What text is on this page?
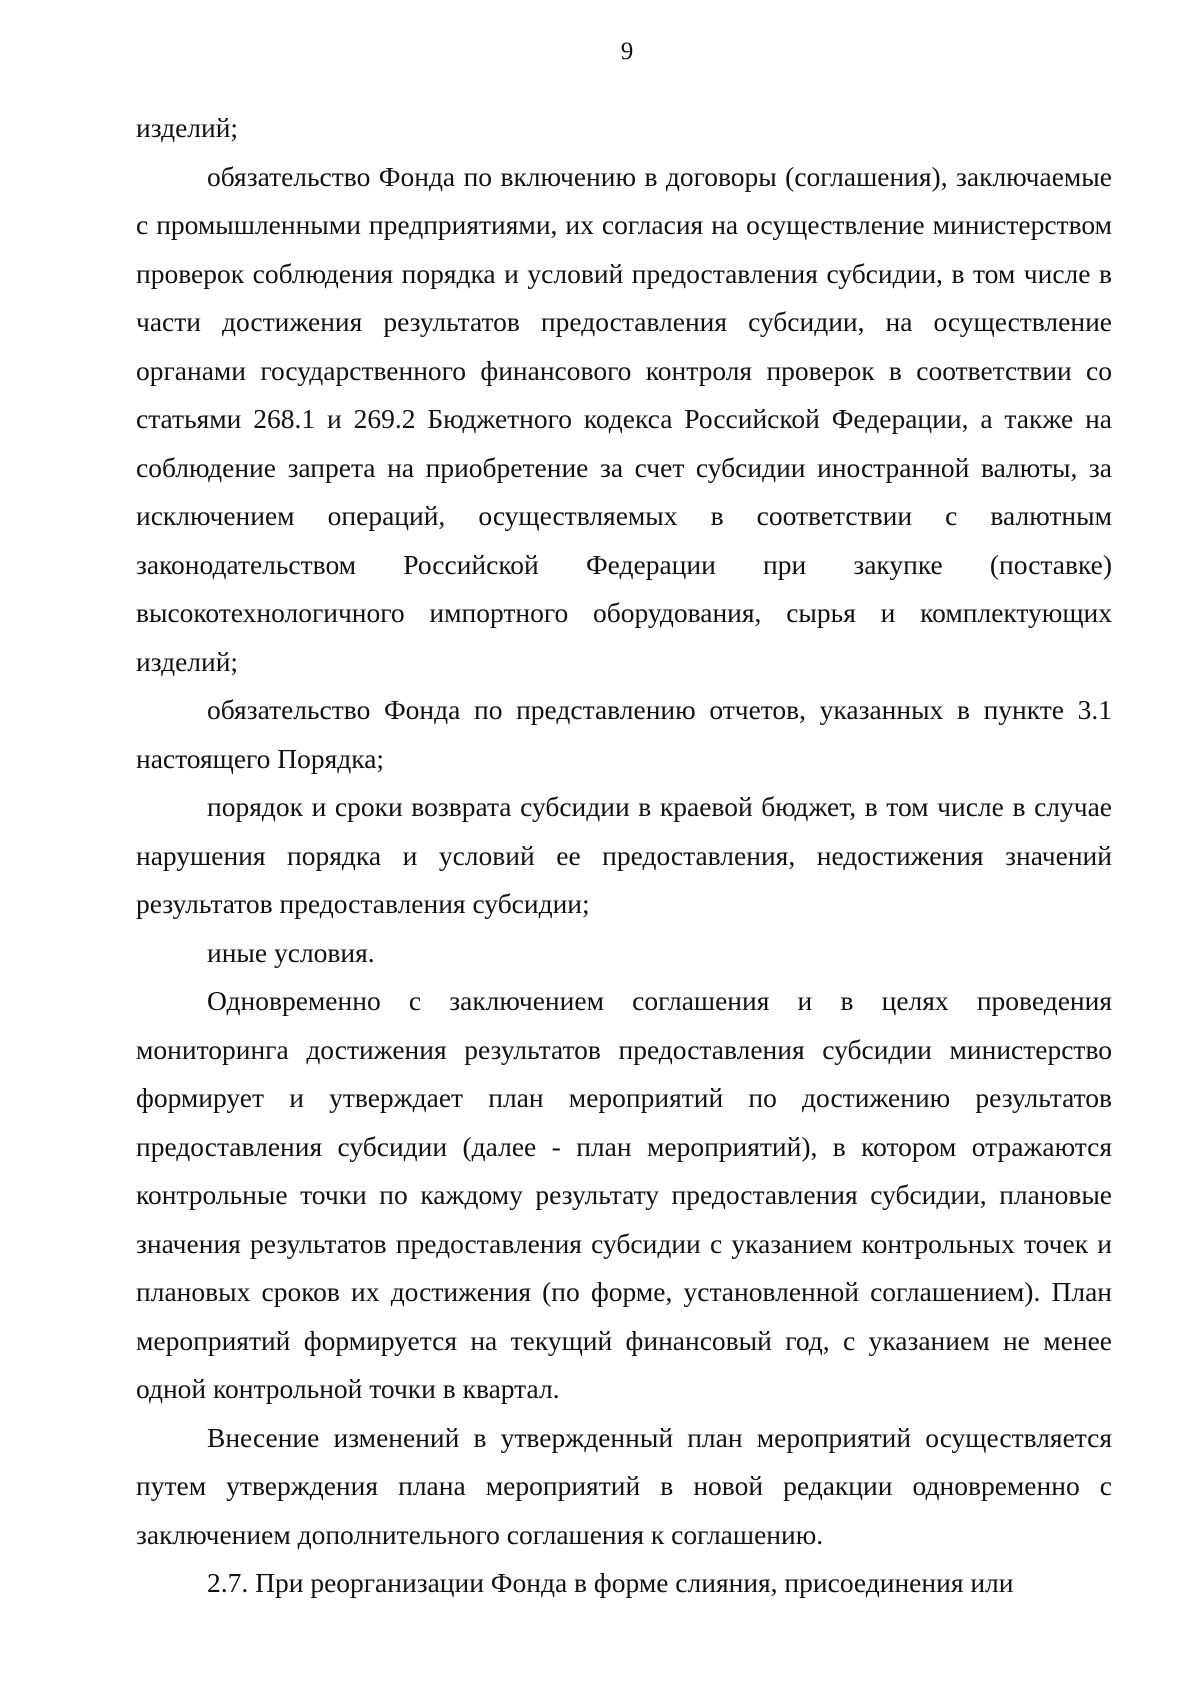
9

изделий;

обязательство Фонда по включению в договоры (соглашения), заключаемые с промышленными предприятиями, их согласия на осуществление министерством проверок соблюдения порядка и условий предоставления субсидии, в том числе в части достижения результатов предоставления субсидии, на осуществление органами государственного финансового контроля проверок в соответствии со статьями 268.1 и 269.2 Бюджетного кодекса Российской Федерации, а также на соблюдение запрета на приобретение за счет субсидии иностранной валюты, за исключением операций, осуществляемых в соответствии с валютным законодательством Российской Федерации при закупке (поставке) высокотехнологичного импортного оборудования, сырья и комплектующих изделий;

обязательство Фонда по представлению отчетов, указанных в пункте 3.1 настоящего Порядка;

порядок и сроки возврата субсидии в краевой бюджет, в том числе в случае нарушения порядка и условий ее предоставления, недостижения значений результатов предоставления субсидии;

иные условия.

Одновременно с заключением соглашения и в целях проведения мониторинга достижения результатов предоставления субсидии министерство формирует и утверждает план мероприятий по достижению результатов предоставления субсидии (далее - план мероприятий), в котором отражаются контрольные точки по каждому результату предоставления субсидии, плановые значения результатов предоставления субсидии с указанием контрольных точек и плановых сроков их достижения (по форме, установленной соглашением). План мероприятий формируется на текущий финансовый год, с указанием не менее одной контрольной точки в квартал.

Внесение изменений в утвержденный план мероприятий осуществляется путем утверждения плана мероприятий в новой редакции одновременно с заключением дополнительного соглашения к соглашению.

2.7. При реорганизации Фонда в форме слияния, присоединения или
